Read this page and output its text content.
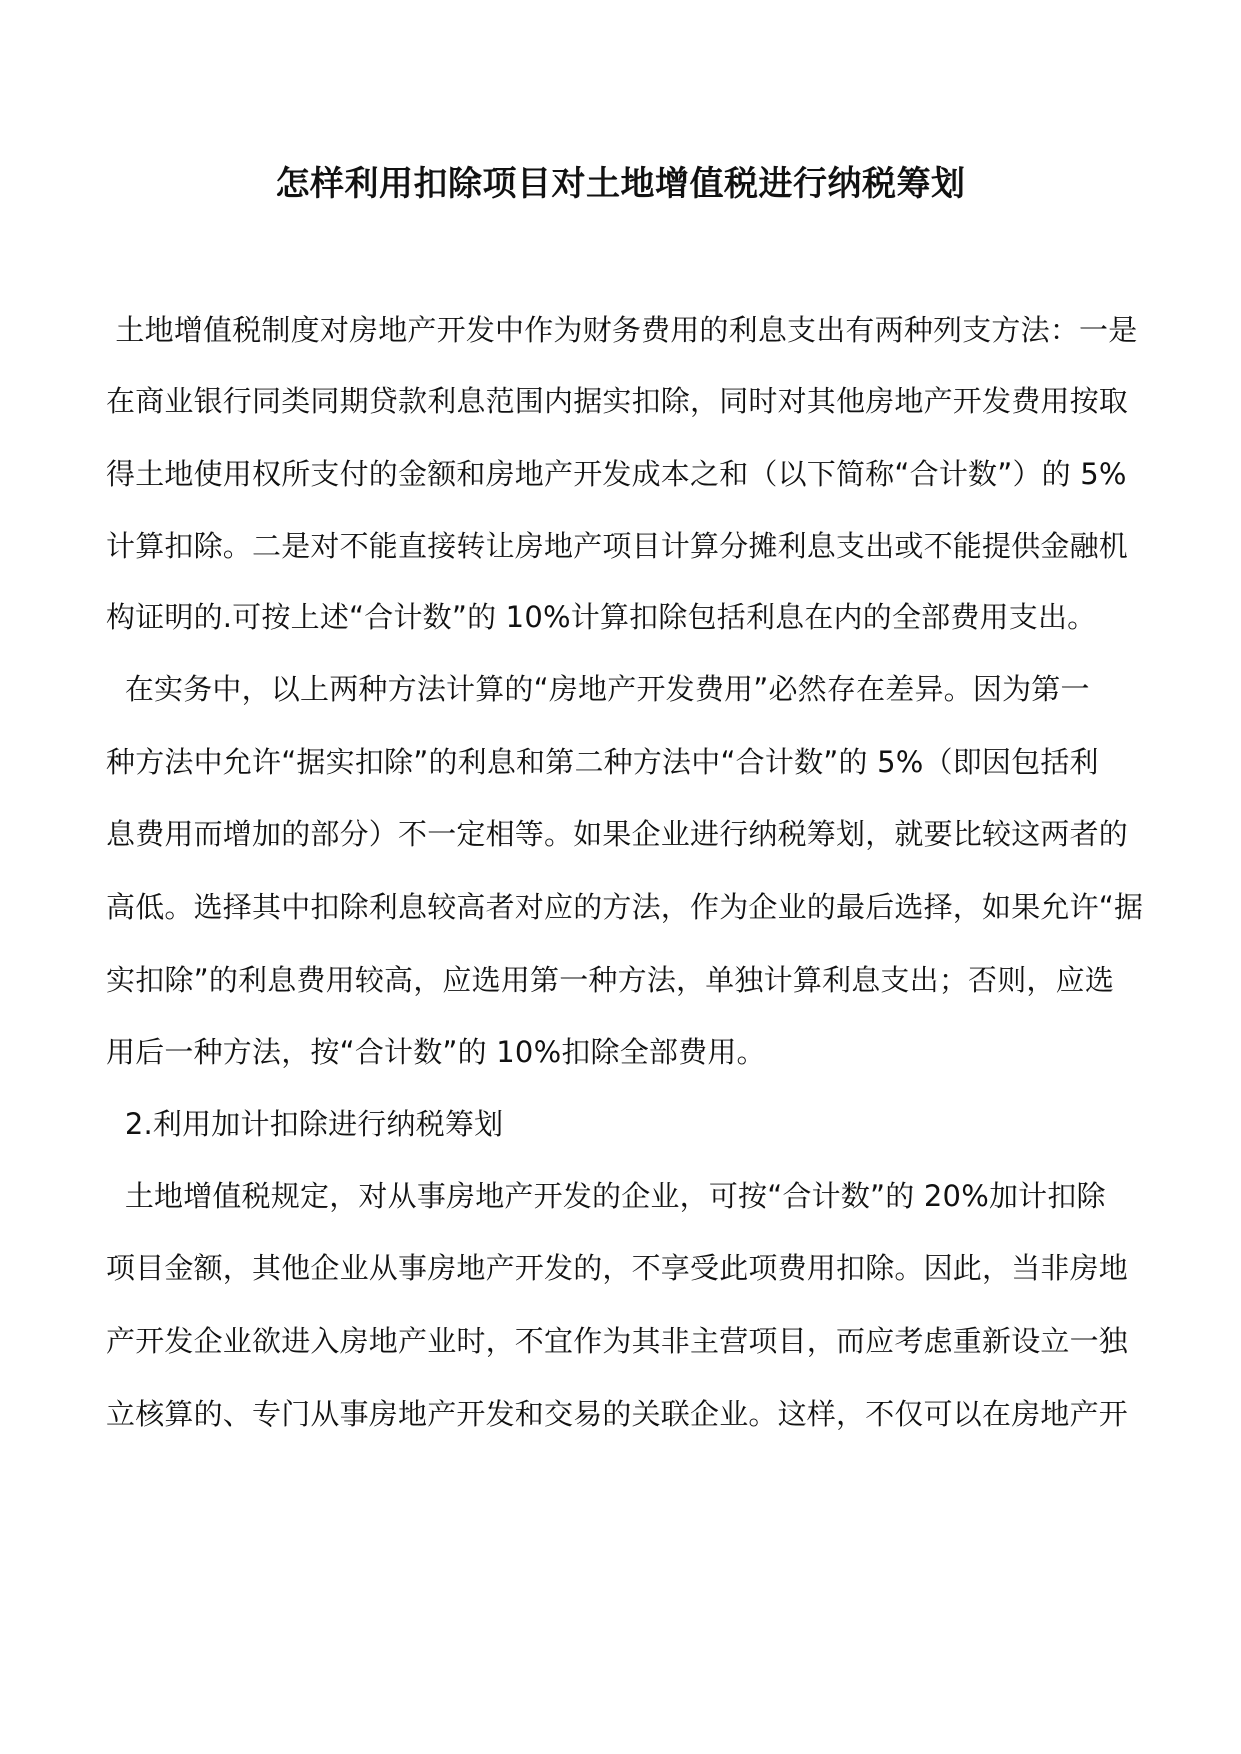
怎样利用扣除项目对土地增值税进行纳税筹划
土地增值税制度对房地产开发中作为财务费用的利息支出有两种列支方法：一是
在商业银行同类同期贷款利息范围内据实扣除，同时对其他房地产开发费用按取
得土地使用权所支付的金额和房地产开发成本之和（以下简称“合计数”）的 5%
计算扣除。二是对不能直接转让房地产项目计算分摊利息支出或不能提供金融机
构证明的.可按上述“合计数”的 10%计算扣除包括利息在内的全部费用支出。
在实务中，以上两种方法计算的“房地产开发费用”必然存在差异。因为第一
种方法中允许“据实扣除”的利息和第二种方法中“合计数”的 5%（即因包括利
息费用而增加的部分）不一定相等。如果企业进行纳税筹划，就要比较这两者的
高低。选择其中扣除利息较高者对应的方法，作为企业的最后选择，如果允许“据
实扣除”的利息费用较高，应选用第一种方法，单独计算利息支出；否则，应选
用后一种方法，按“合计数”的 10%扣除全部费用。
2.利用加计扣除进行纳税筹划
土地增值税规定，对从事房地产开发的企业，可按“合计数”的 20%加计扣除
项目金额，其他企业从事房地产开发的，不享受此项费用扣除。因此，当非房地
产开发企业欲进入房地产业时，不宜作为其非主营项目，而应考虑重新设立一独
立核算的、专门从事房地产开发和交易的关联企业。这样，不仅可以在房地产开
